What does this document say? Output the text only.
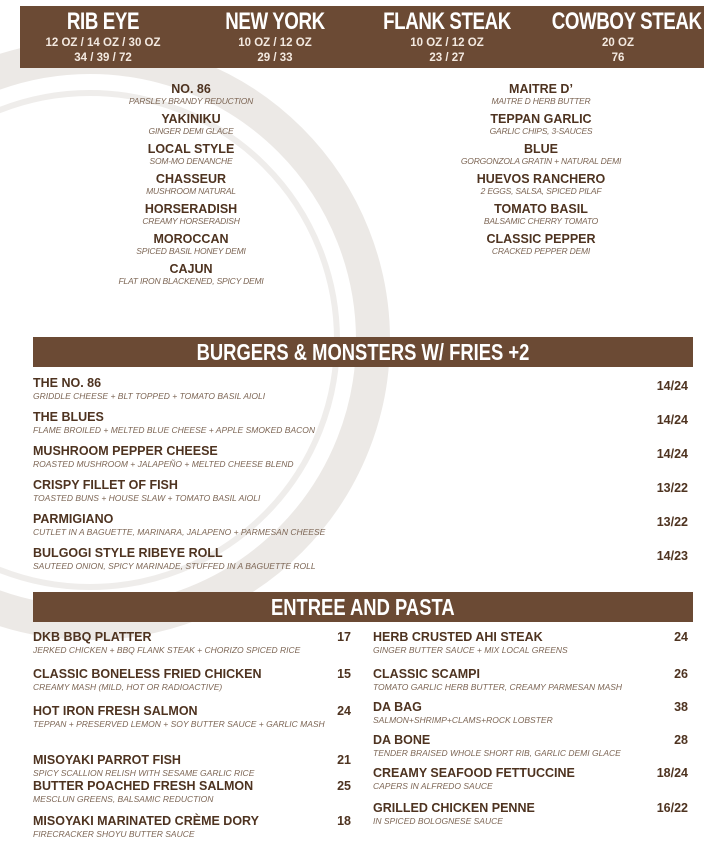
RIB EYE
12 OZ / 14 OZ / 30 OZ
34 / 39 / 72
NEW YORK
10 OZ / 12 OZ
29 / 33
FLANK STEAK
10 OZ / 12 OZ
23 / 27
COWBOY STEAK
20 OZ
76
NO. 86
PARSLEY BRANDY REDUCTION
YAKINIKU
GINGER DEMI GLACE
LOCAL STYLE
SOM-MO DENANCHE
CHASSEUR
MUSHROOM NATURAL
HORSERADISH
CREAMY HORSERADISH
MOROCCAN
SPICED BASIL HONEY DEMI
CAJUN
FLAT IRON BLACKENED, SPICY DEMI
MAITRE D’
MAITRE D HERB BUTTER
TEPPAN GARLIC
GARLIC CHIPS, 3-SAUCES
BLUE
GORGONZOLA GRATIN + NATURAL DEMI
HUEVOS RANCHERO
2 EGGS, SALSA, SPICED PILAF
TOMATO BASIL
BALSAMIC CHERRY TOMATO
CLASSIC PEPPER
CRACKED PEPPER DEMI
BURGERS & MONSTERS W/ FRIES +2
THE NO. 86
GRIDDLE CHEESE + BLT TOPPED + TOMATO BASIL AIOLI
14/24
THE BLUES
FLAME BROILED + MELTED BLUE CHEESE + APPLE SMOKED BACON
14/24
MUSHROOM PEPPER CHEESE
ROASTED MUSHROOM + JALAPEÑO + MELTED CHEESE BLEND
14/24
CRISPY FILLET OF FISH
TOASTED BUNS + HOUSE SLAW + TOMATO BASIL AIOLI
13/22
PARMIGIANO
CUTLET IN A BAGUETTE, MARINARA, JALAPENO + PARMESAN CHEESE
13/22
BULGOGI STYLE RIBEYE ROLL
SAUTEED ONION, SPICY MARINADE, STUFFED IN A BAGUETTE ROLL
14/23
ENTREE AND PASTA
DKB BBQ PLATTER
JERKED CHICKEN + BBQ FLANK STEAK + CHORIZO SPICED RICE
17
CLASSIC BONELESS FRIED CHICKEN
CREAMY MASH (MILD, HOT OR RADIOACTIVE)
15
HOT IRON FRESH SALMON
TEPPAN + PRESERVED LEMON + SOY BUTTER SAUCE + GARLIC MASH
24
MISOYAKI PARROT FISH
SPICY SCALLION RELISH WITH SESAME GARLIC RICE
21
BUTTER POACHED FRESH SALMON
MESCLUN GREENS, BALSAMIC REDUCTION
25
MISOYAKI MARINATED CRÈME DORY
FIRECRACKER SHOYU BUTTER SAUCE
18
HERB CRUSTED AHI STEAK
GINGER BUTTER SAUCE + MIX LOCAL GREENS
24
CLASSIC SCAMPI
TOMATO GARLIC HERB BUTTER, CREAMY PARMESAN MASH
26
DA BAG
SALMON+SHRIMP+CLAMS+ROCK LOBSTER
38
DA BONE
TENDER BRAISED WHOLE SHORT RIB, GARLIC DEMI GLACE
28
CREAMY SEAFOOD FETTUCCINE
CAPERS IN ALFREDO SAUCE
18/24
GRILLED CHICKEN PENNE
IN SPICED BOLOGNESE SAUCE
16/22
